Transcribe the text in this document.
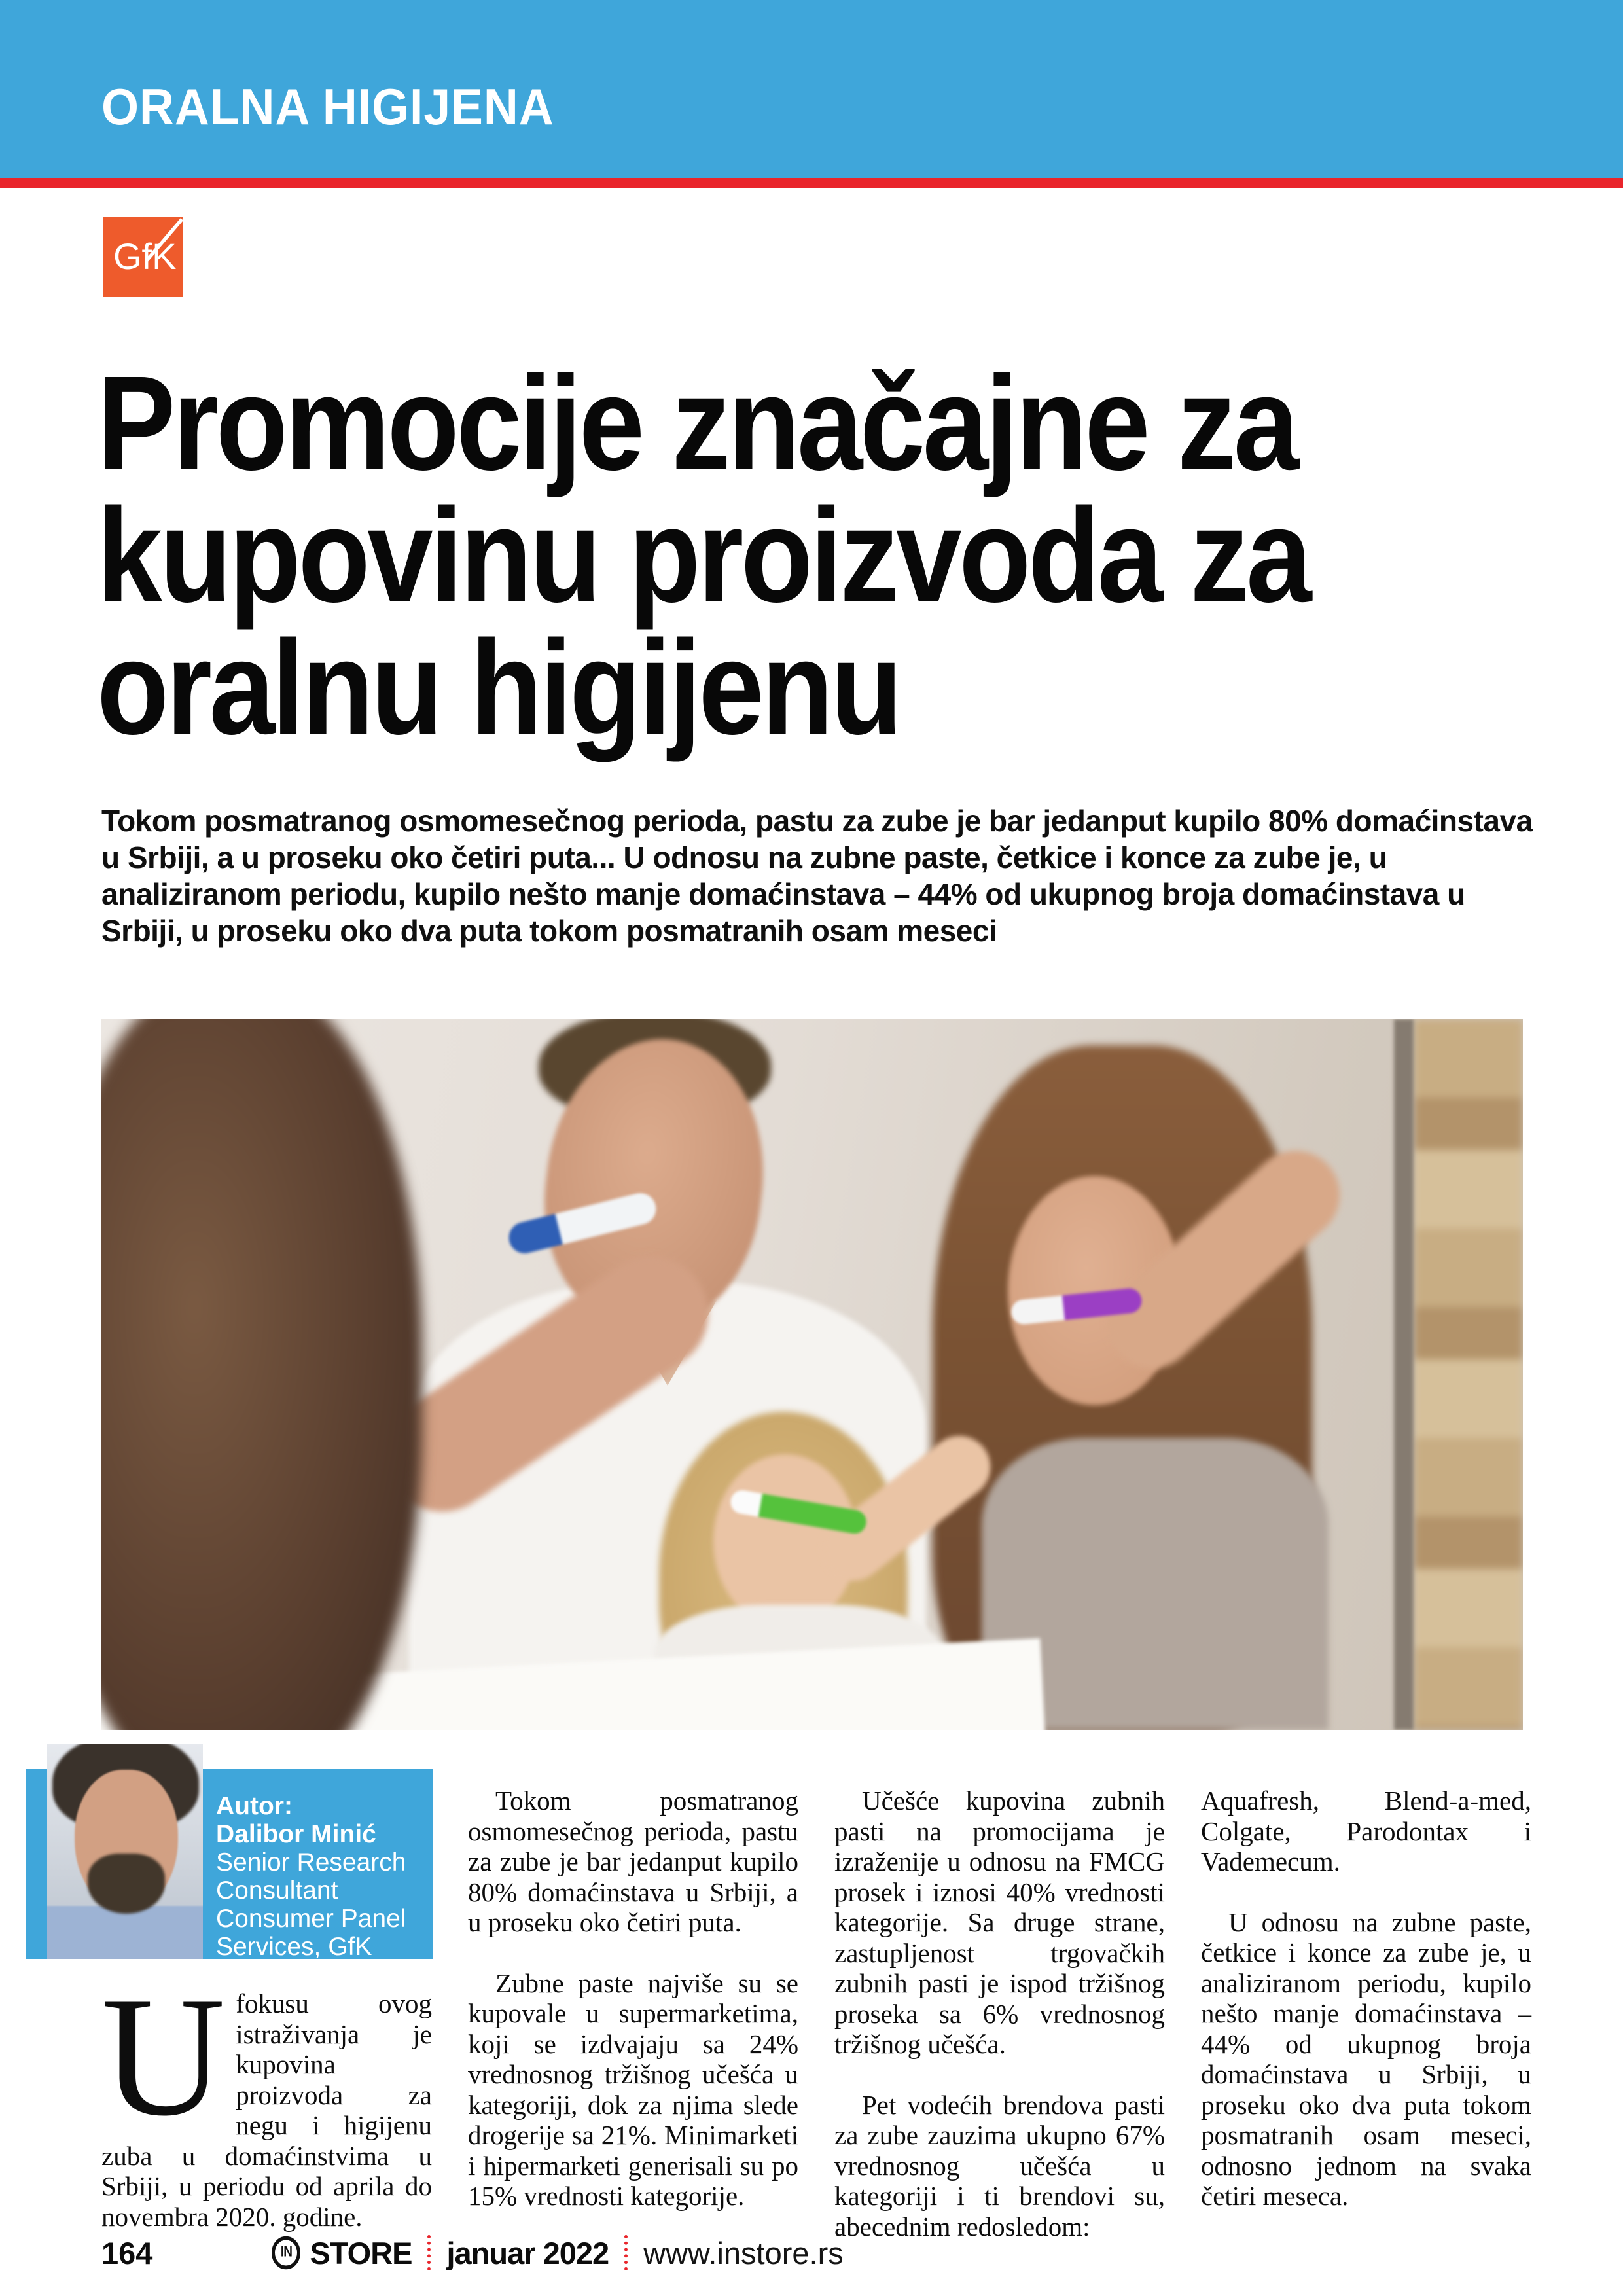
ORALNA HIGIJENA
GfK
Promocije značajne za
kupovinu proizvoda za
oralnu higijenu
Tokom posmatranog osmomesečnog perioda, pastu za zube je bar jedanput kupilo 80% domaćinstava u Srbiji, a u proseku oko četiri puta... U odnosu na zubne paste, četkice i konce za zube je, u analiziranom periodu, kupilo nešto manje domaćinstava – 44% od ukupnog broja domaćinstava u Srbiji, u proseku oko dva puta tokom posmatranih osam meseci
Autor:
Dalibor Minić
Senior Research
Consultant
Consumer Panel
Services, GfK

Ufokusu ovog istraživanja je kupovina proizvoda za negu i higijenu zuba u domaćinstvima u Srbiji, u periodu od aprila do novembra 2020. godine.

Tokom posmatranog osmomesečnog perioda, pastu za zube je bar jedanput kupilo 80% domaćinstava u Srbiji, a u proseku oko četiri puta.

Zubne paste najviše su se kupovale u supermarketima, koji se izdvajaju sa 24% vrednosnog tržišnog učešća u kategoriji, dok za njima slede drogerije sa 21%. Minimarketi i hipermarketi generisali su po 15% vrednosti kategorije.

Učešće kupovina zubnih pasti na promocijama je izraženije u odnosu na FMCG prosek i iznosi 40% vrednosti kategorije. Sa druge strane, zastupljenost trgovačkih zubnih pasti je ispod tržišnog proseka sa 6% vrednosnog tržišnog učešća.

Pet vodećih brendova pasti za zube zauzima ukupno 67% vrednosnog učešća u kategoriji i ti brendovi su, abecednim redosledom:

Aquafresh, Blend-a-med, Colgate, Parodontax i Vademecum.

U odnosu na zubne paste, četkice i konce za zube je, u analiziranom periodu, kupilo nešto manje domaćinstava – 44% od ukupnog broja domaćinstava u Srbiji, u proseku oko dva puta tokom posmatranih osam meseci, odnosno jednom na svaka četiri meseca.

164	IN STORE januar 2022 www.instore.rs
